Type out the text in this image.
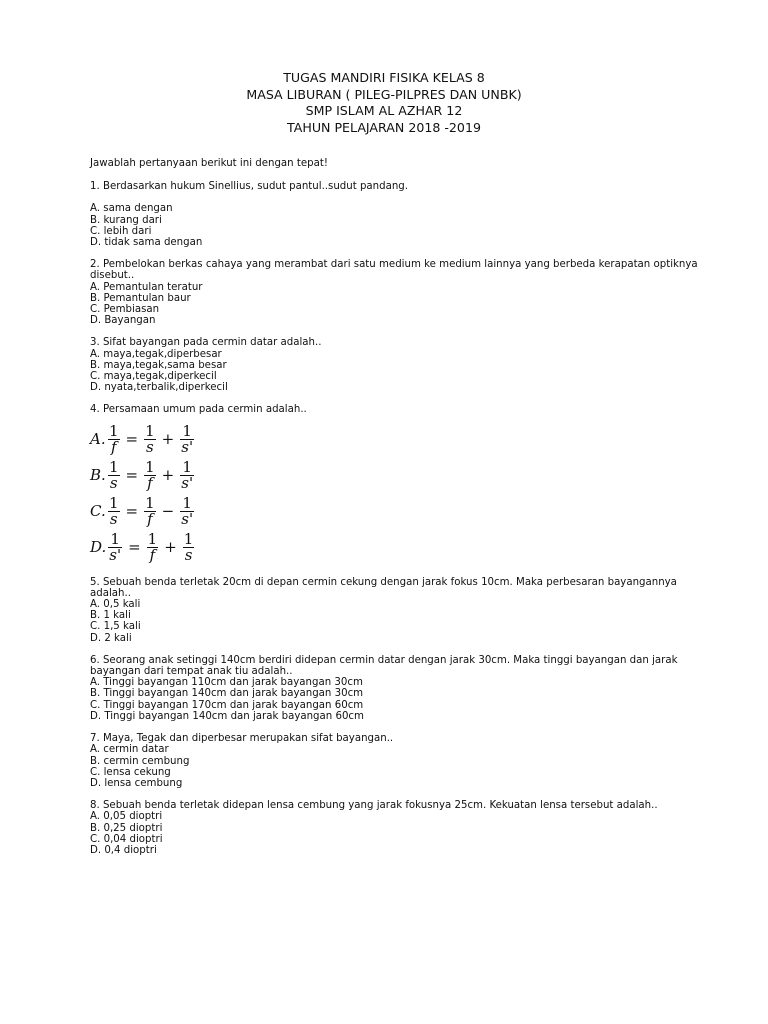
TUGAS MANDIRI FISIKA KELAS 8
MASA LIBURAN ( PILEG-PILPRES DAN UNBK)
SMP ISLAM AL AZHAR 12
TAHUN PELAJARAN 2018 -2019

Jawablah pertanyaan berikut ini dengan tepat!

1. Berdasarkan hukum Sinellius, sudut pantul..sudut pandang.

A. sama dengan
B. kurang dari
C. lebih dari
D. tidak sama dengan

2. Pembelokan berkas cahaya yang merambat dari satu medium ke medium lainnya yang berbeda kerapatan optiknya disebut..

A. Pemantulan teratur
B. Pemantulan baur
C. Pembiasan
D. Bayangan

3. Sifat bayangan pada cermin datar adalah..

A. maya,tegak,diperbesar
B. maya,tegak,sama besar
C. maya,tegak,diperkecil
D. nyata,terbalik,diperkecil

4. Persamaan umum pada cermin adalah..

A. $\frac{1}{f} = \frac{1}{s} + \frac{1}{s'}$
B. $\frac{1}{s} = \frac{1}{f} + \frac{1}{s'}$
C. $\frac{1}{s} = \frac{1}{f} - \frac{1}{s'}$
D. $\frac{1}{s'} = \frac{1}{f} + \frac{1}{s}$

5. Sebuah benda terletak 20cm di depan cermin cekung dengan jarak fokus 10cm. Maka perbesaran bayangannya adalah..

A. 0,5 kali
B. 1 kali
C. 1,5 kali
D. 2 kali

6. Seorang anak setinggi 140cm berdiri didepan cermin datar dengan jarak 30cm. Maka tinggi bayangan dan jarak bayangan dari tempat anak tiu adalah..

A. Tinggi bayangan 110cm dan jarak bayangan 30cm
B. Tinggi bayangan 140cm dan jarak bayangan 30cm
C. Tinggi bayangan 170cm dan jarak bayangan 60cm
D. Tinggi bayangan 140cm dan jarak bayangan 60cm

7. Maya, Tegak dan diperbesar merupakan sifat bayangan..

A. cermin datar
B. cermin cembung
C. lensa cekung
D. lensa cembung

8. Sebuah benda terletak didepan lensa cembung yang jarak fokusnya 25cm. Kekuatan lensa tersebut adalah..

A. 0,05 dioptri
B. 0,25 dioptri
C. 0,04 dioptri
D. 0,4 dioptri
